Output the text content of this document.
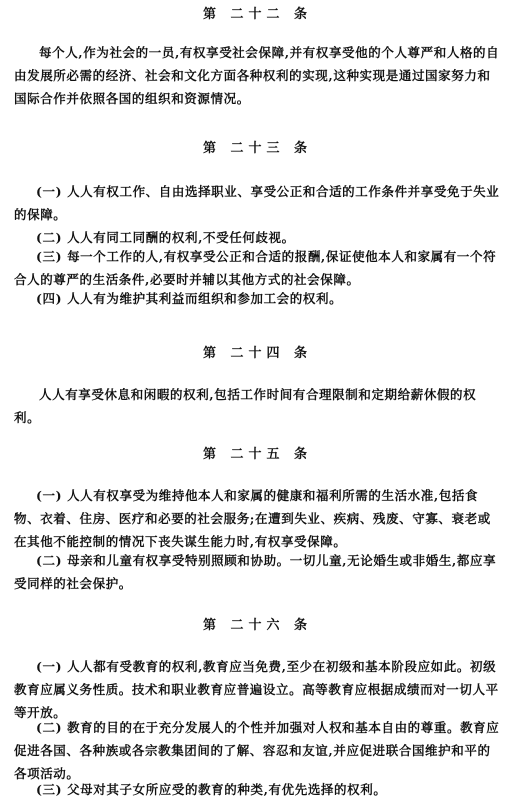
第 二十二 条
每个人,作为社会的一员,有权享受社会保障,并有权享受他的个人尊严和人格的自由发展所必需的经济、社会和文化方面各种权利的实现,这种实现是通过国家努力和国际合作并依照各国的组织和资源情况。
第 二十三 条
(一) 人人有权工作、自由选择职业、享受公正和合适的工作条件并享受免于失业的保障。
(二) 人人有同工同酬的权利,不受任何歧视。
(三) 每一个工作的人,有权享受公正和合适的报酬,保证使他本人和家属有一个符合人的尊严的生活条件,必要时并辅以其他方式的社会保障。
(四) 人人有为维护其利益而组织和参加工会的权利。
第 二十四 条
人人有享受休息和闲暇的权利,包括工作时间有合理限制和定期给薪休假的权利。
第 二十五 条
(一) 人人有权享受为维持他本人和家属的健康和福利所需的生活水准,包括食物、衣着、住房、医疗和必要的社会服务;在遭到失业、疾病、残废、守寡、衰老或在其他不能控制的情况下丧失谋生能力时,有权享受保障。
(二) 母亲和儿童有权享受特别照顾和协助。一切儿童,无论婚生或非婚生,都应享受同样的社会保护。
第 二十六 条
(一) 人人都有受教育的权利,教育应当免费,至少在初级和基本阶段应如此。初级教育应属义务性质。技术和职业教育应普遍设立。高等教育应根据成绩而对一切人平等开放。
(二) 教育的目的在于充分发展人的个性并加强对人权和基本自由的尊重。教育应促进各国、各种族或各宗教集团间的了解、容忍和友谊,并应促进联合国维护和平的各项活动。
(三) 父母对其子女所应受的教育的种类,有优先选择的权利。
